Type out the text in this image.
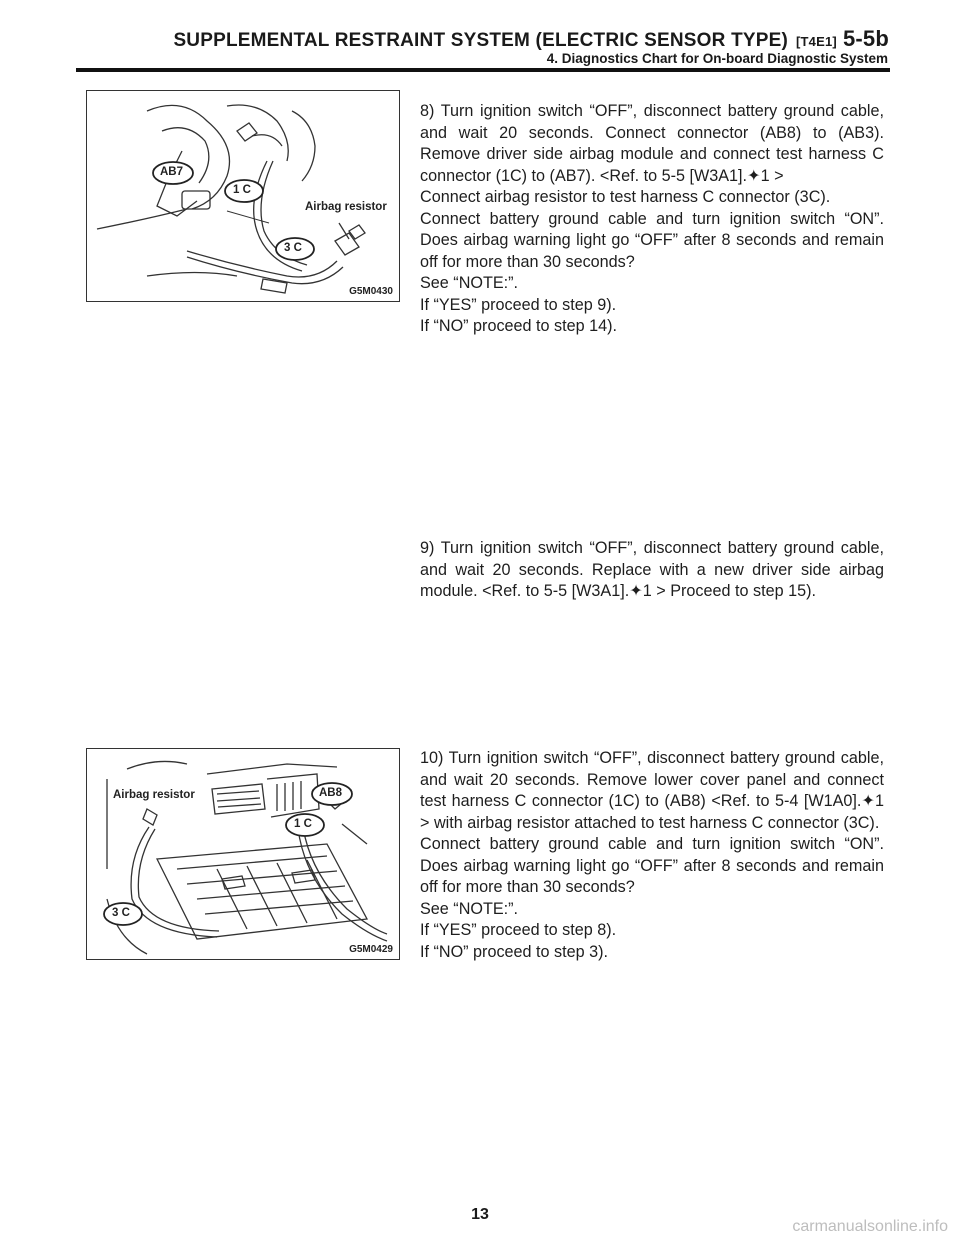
SUPPLEMENTAL RESTRAINT SYSTEM (ELECTRIC SENSOR TYPE) [T4E1] 5-5b
4. Diagnostics Chart for On-board Diagnostic System
AB7
1 C
3 C
Airbag resistor
G5M0430
AB8
1 C
3 C
Airbag resistor
G5M0429

8) Turn ignition switch “OFF”, disconnect battery ground cable, and wait 20 seconds. Connect connector (AB8) to (AB3). Remove driver side airbag module and connect test harness C connector (1C) to (AB7). <Ref. to 5-5 [W3A1].✦1 >

Connect airbag resistor to test harness C connector (3C).

Connect battery ground cable and turn ignition switch “ON”. Does airbag warning light go “OFF” after 8 seconds and remain off for more than 30 seconds?

See “NOTE:”.

If “YES” proceed to step 9).

If “NO” proceed to step 14).

9) Turn ignition switch “OFF”, disconnect battery ground cable, and wait 20 seconds. Replace with a new driver side airbag module. <Ref. to 5-5 [W3A1].✦1 > Proceed to step 15).

10) Turn ignition switch “OFF”, disconnect battery ground cable, and wait 20 seconds. Remove lower cover panel and connect test harness C connector (1C) to (AB8) <Ref. to 5-4 [W1A0].✦1 > with airbag resistor attached to test harness C connector (3C).

Connect battery ground cable and turn ignition switch “ON”. Does airbag warning light go “OFF” after 8 seconds and remain off for more than 30 seconds?

See “NOTE:”.

If “YES” proceed to step 8).

If “NO” proceed to step 3).

13
carmanualsonline.info
